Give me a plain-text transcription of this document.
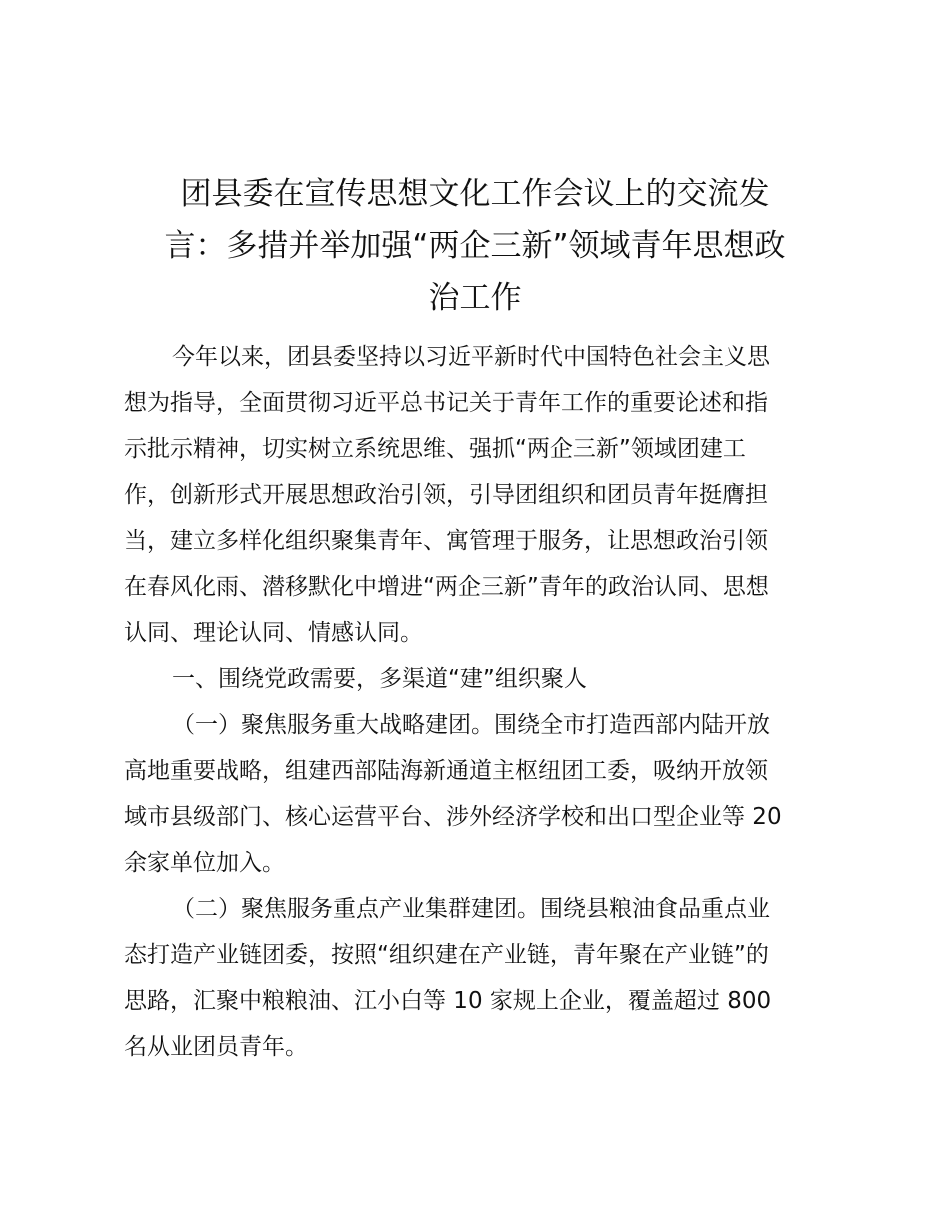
团县委在宣传思想文化工作会议上的交流发
言：多措并举加强“两企三新”领域青年思想政
治工作
今年以来，团县委坚持以习近平新时代中国特色社会主义思
想为指导，全面贯彻习近平总书记关于青年工作的重要论述和指
示批示精神，切实树立系统思维、强抓“两企三新”领域团建工
作，创新形式开展思想政治引领，引导团组织和团员青年挺膺担
当，建立多样化组织聚集青年、寓管理于服务，让思想政治引领
在春风化雨、潜移默化中增进“两企三新”青年的政治认同、思想
认同、理论认同、情感认同。
一、围绕党政需要，多渠道“建”组织聚人
（一）聚焦服务重大战略建团。围绕全市打造西部内陆开放
高地重要战略，组建西部陆海新通道主枢纽团工委，吸纳开放领
域市县级部门、核心运营平台、涉外经济学校和出口型企业等 20
余家单位加入。
（二）聚焦服务重点产业集群建团。围绕县粮油食品重点业
态打造产业链团委，按照“组织建在产业链，青年聚在产业链”的
思路，汇聚中粮粮油、江小白等 10 家规上企业，覆盖超过 800
名从业团员青年。
